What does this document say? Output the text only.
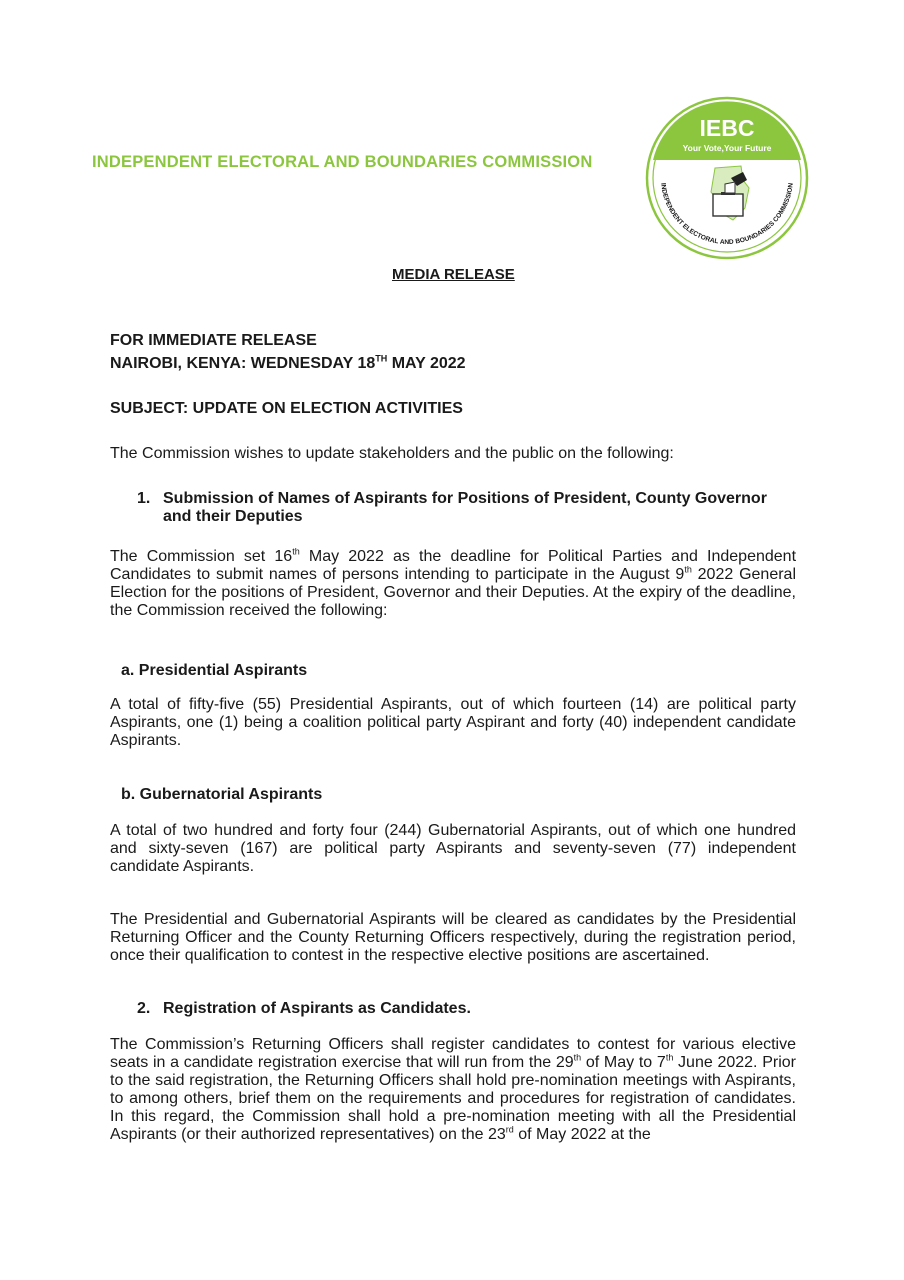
INDEPENDENT ELECTORAL AND BOUNDARIES COMMISSION
IEBC
Your Vote,Your Future
INDEPENDENT ELECTORAL AND BOUNDARIES COMMISSION
MEDIA RELEASE
FOR IMMEDIATE RELEASE
NAIROBI, KENYA: WEDNESDAY 18TH MAY 2022
SUBJECT: UPDATE ON ELECTION ACTIVITIES
The Commission wishes to update stakeholders and the public on the following:
1. Submission of Names of Aspirants for Positions of President, County Governor and their Deputies
The Commission set 16th May 2022 as the deadline for Political Parties and Independent Candidates to submit names of persons intending to participate in the August 9th 2022 General Election for the positions of President, Governor and their Deputies. At the expiry of the deadline, the Commission received the following:
a. Presidential Aspirants
A total of fifty-five (55) Presidential Aspirants, out of which fourteen (14) are political party Aspirants, one (1) being a coalition political party Aspirant and forty (40) independent candidate Aspirants.
b. Gubernatorial Aspirants
A total of two hundred and forty four (244) Gubernatorial Aspirants, out of which one hundred and sixty-seven (167) are political party Aspirants and seventy-seven (77) independent candidate Aspirants.
The Presidential and Gubernatorial Aspirants will be cleared as candidates by the Presidential Returning Officer and the County Returning Officers respectively, during the registration period, once their qualification to contest in the respective elective positions are ascertained.
2. Registration of Aspirants as Candidates.
The Commission’s Returning Officers shall register candidates to contest for various elective seats in a candidate registration exercise that will run from the 29th of May to 7th June 2022. Prior to the said registration, the Returning Officers shall hold pre-nomination meetings with Aspirants, to among others, brief them on the requirements and procedures for registration of candidates. In this regard, the Commission shall hold a pre-nomination meeting with all the Presidential Aspirants (or their authorized representatives) on the 23rd of May 2022 at the
